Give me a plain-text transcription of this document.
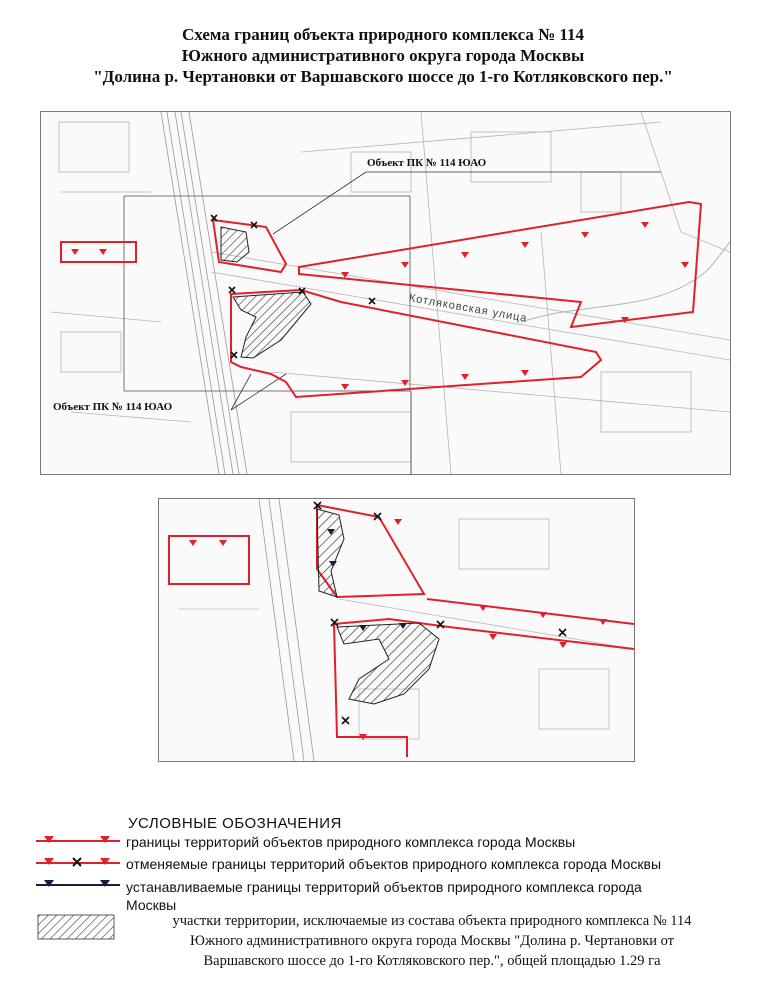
Схема границ объекта природного комплекса № 114
Южного административного округа города Москвы
"Долина р. Чертановки от Варшавского шоссе до 1-го Котляковского пер."
Объект ПК № 114 ЮАО
Объект ПК № 114 ЮАО
Котляковская улица
УСЛОВНЫЕ ОБОЗНАЧЕНИЯ
границы территорий объектов природного комплекса города Москвы
отменяемые границы территорий объектов природного комплекса города Москвы
устанавливаемые границы территорий объектов природного комплекса города
Москвы
участки территории, исключаемые из состава объекта природного комплекса № 114
Южного административного округа города Москвы "Долина р. Чертановки от
Варшавского шоссе до 1-го Котляковского пер.", общей площадью 1.29 га
